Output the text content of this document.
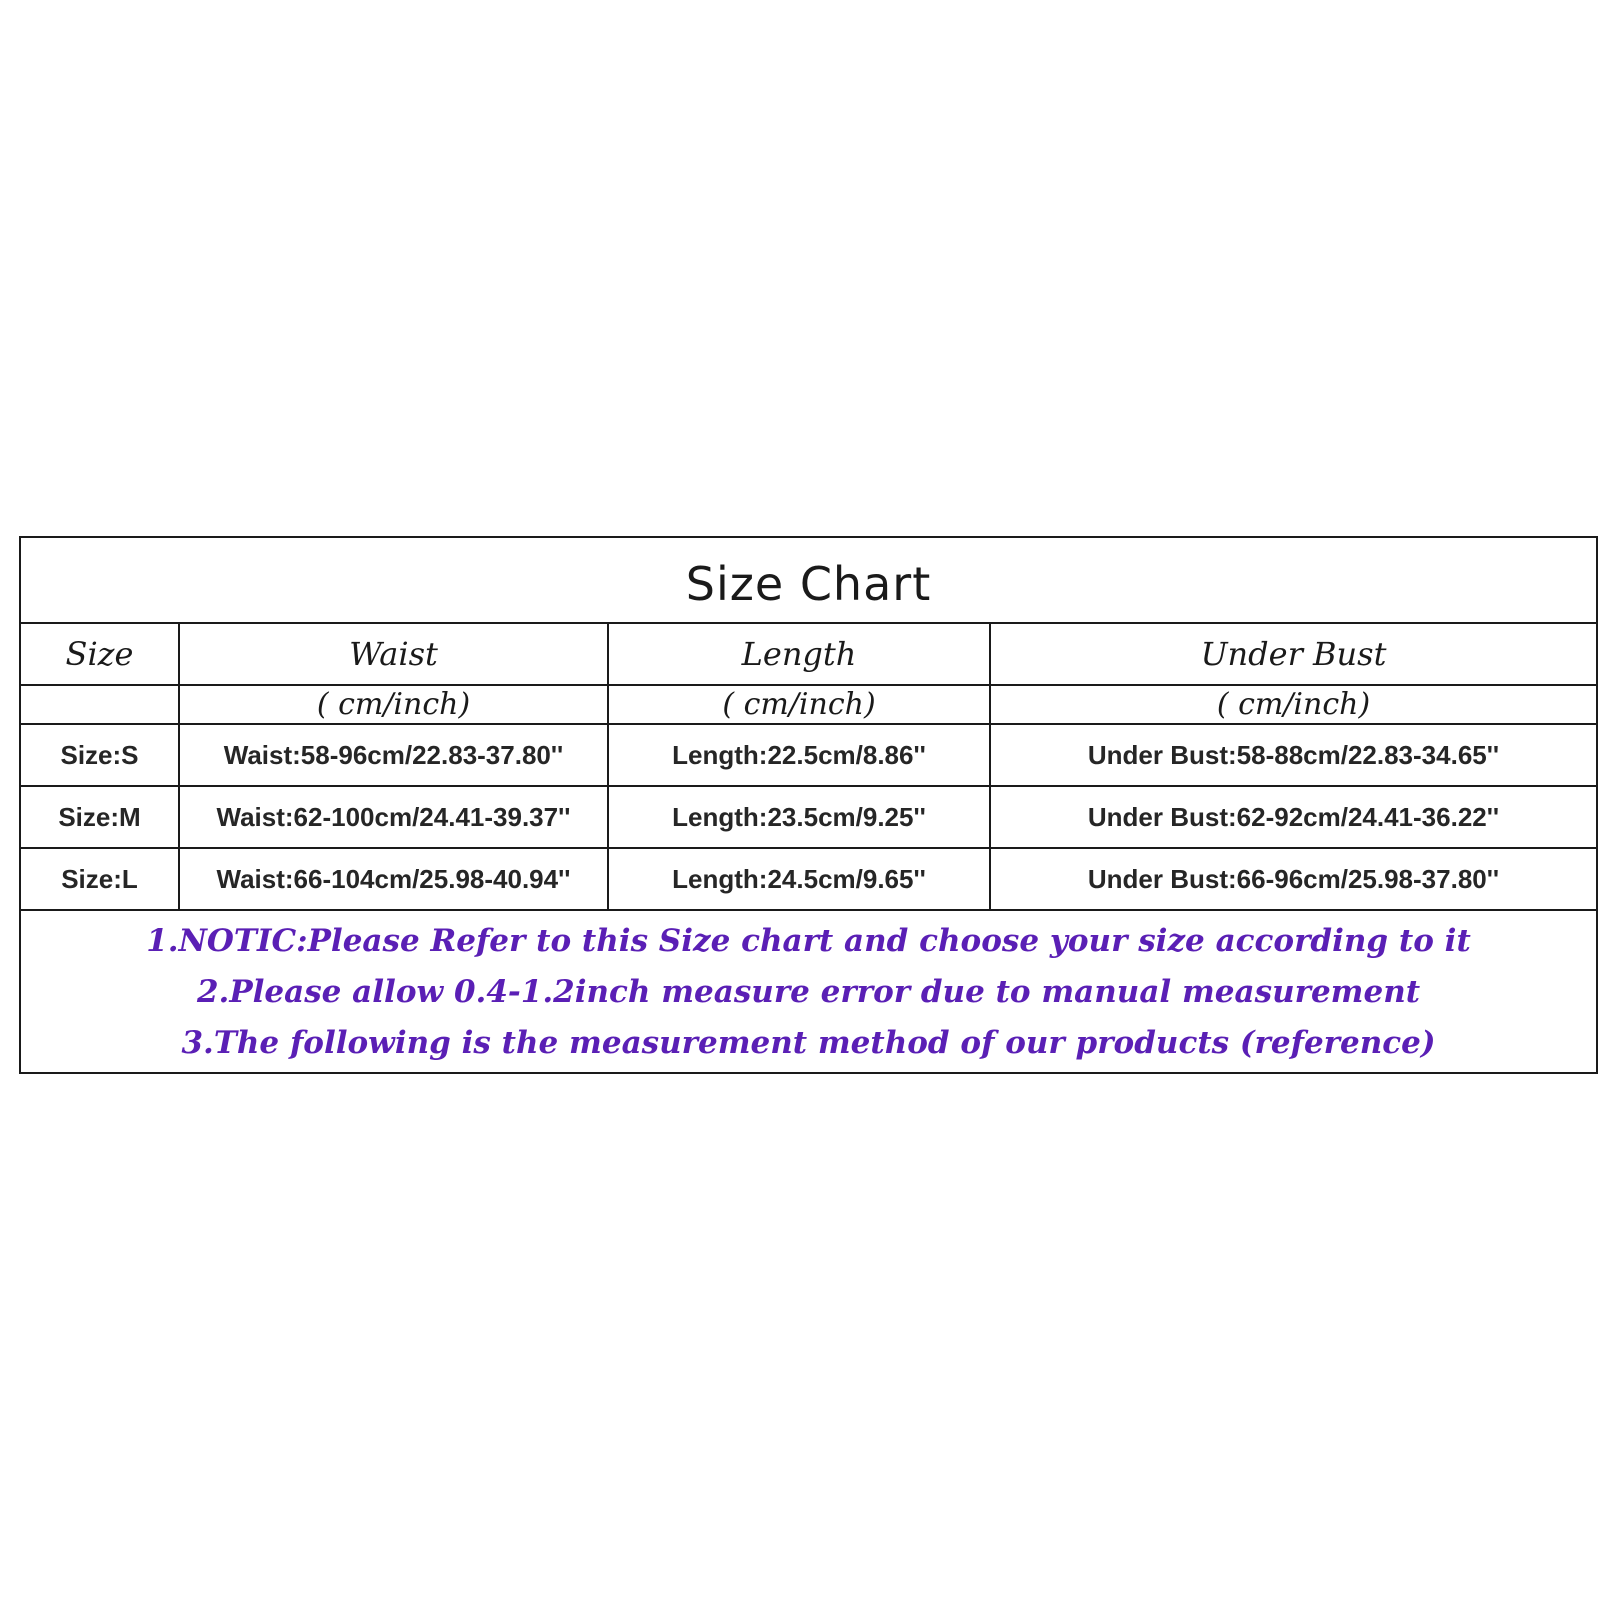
Size Chart
Size	Waist	Length	Under Bust
	( cm/inch)	( cm/inch)	( cm/inch)
Size:S	Waist:58-96cm/22.83-37.80''	Length:22.5cm/8.86''	Under Bust:58-88cm/22.83-34.65''
Size:M	Waist:62-100cm/24.41-39.37''	Length:23.5cm/9.25''	Under Bust:62-92cm/24.41-36.22''
Size:L	Waist:66-104cm/25.98-40.94''	Length:24.5cm/9.65''	Under Bust:66-96cm/25.98-37.80''
1.NOTIC:Please Refer to this Size chart and choose your size according to it
2.Please allow 0.4-1.2inch measure error due to manual measurement
3.The following is the measurement method of our products (reference)
